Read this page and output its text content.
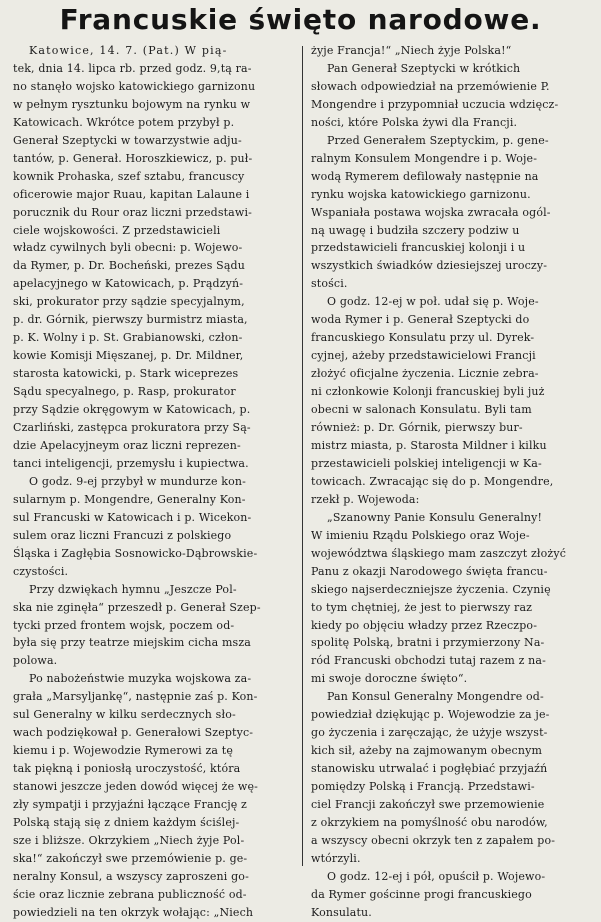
Francuskie święto narodowe.
Katowice, 14. 7. (Pat.) W pią-
tek, dnia 14. lipca rb. przed godz. 9,tą ra-
no stanęło wojsko katowickiego garnizonu
w pełnym rysztunku bojowym na rynku w
Katowicach. Wkrótce potem przybył p.
Generał Szeptycki w towarzystwie adju-
tantów, p. Generał. Horoszkiewicz, p. puł-
kownik Prohaska, szef sztabu, francuscy
oficerowie major Ruau, kapitan Lalaune i
porucznik du Rour oraz liczni przedstawi-
ciele wojskowości. Z przedstawicieli
władz cywilnych byli obecni: p. Wojewo-
da Rymer, p. Dr. Bocheński, prezes Sądu
apelacyjnego w Katowicach, p. Prądzyń-
ski, prokurator przy sądzie specyjalnym,
p. dr. Górnik, pierwszy burmistrz miasta,
p. K. Wolny i p. St. Grabianowski, człon-
kowie Komisji Mięszanej, p. Dr. Mildner,
starosta katowicki, p. Stark wiceprezes
Sądu specyalnego, p. Rasp, prokurator
przy Sądzie okręgowym w Katowicach, p.
Czarliński, zastępca prokuratora przy Są-
dzie Apelacyjneym oraz liczni reprezen-
tanci inteligencji, przemysłu i kupiectwa.
O godz. 9-ej przybył w mundurze kon-
sularnym p. Mongendre, Generalny Kon-
sul Francuski w Katowicach i p. Wicekon-
sulem oraz liczni Francuzi z polskiego
Śląska i Zagłębia Sosnowicko-Dąbrowskie-
czystości.
Przy dzwiękach hymnu „Jeszcze Pol-
ska nie zginęła“ przeszedł p. Generał Szep-
tycki przed frontem wojsk, poczem od-
była się przy teatrze miejskim cicha msza
polowa.
Po nabożeństwie muzyka wojskowa za-
grała „Marsyljankę“, następnie zaś p. Kon-
sul Generalny w kilku serdecznych sło-
wach podziękował p. Generałowi Szeptyc-
kiemu i p. Wojewodzie Rymerowi za tę
tak piękną i poniosłą uroczystość, która
stanowi jeszcze jeden dowód więcej że wę-
zły sympatji i przyjaźni łączące Francję z
Polską stają się z dniem każdym ściślej-
sze i bliższe. Okrzykiem „Niech żyje Pol-
ska!“ zakończył swe przemówienie p. ge-
neralny Konsul, a wszyscy zaproszeni go-
ście oraz licznie zebrana publiczność od-
powiedzieli na ten okrzyk wołając: „Niech
żyje Francja!“ „Niech żyje Polska!“
Pan Generał Szeptycki w krótkich
słowach odpowiedział na przemówienie P.
Mongendre i przypomniał uczucia wdzięcz-
ności, które Polska żywi dla Francji.
Przed Generałem Szeptyckim, p. gene-
ralnym Konsulem Mongendre i p. Woje-
wodą Rymerem defilowały następnie na
rynku wojska katowickiego garnizonu.
Wspaniała postawa wojska zwracała ogól-
ną uwagę i budziła szczery podziw u
przedstawicieli francuskiej kolonji i u
wszystkich świadków dziesiejszej uroczy-
stości.
O godz. 12-ej w poł. udał się p. Woje-
woda Rymer i p. Generał Szeptycki do
francuskiego Konsulatu przy ul. Dyrek-
cyjnej, ażeby przedstawicielowi Francji
złożyć oficjalne życzenia. Licznie zebra-
ni członkowie Kolonji francuskiej byli już
obecni w salonach Konsulatu. Byli tam
również: p. Dr. Górnik, pierwszy bur-
mistrz miasta, p. Starosta Mildner i kilku
przestawicieli polskiej inteligencji w Ka-
towicach. Zwracając się do p. Mongendre,
rzekł p. Wojewoda:
„Szanowny Panie Konsulu Generalny!
W imieniu Rządu Polskiego oraz Woje-
województwa śląskiego mam zaszczyt złożyć
Panu z okazji Narodowego święta francu-
skiego najserdeczniejsze życzenia. Czynię
to tym chętniej, że jest to pierwszy raz
kiedy po objęciu władzy przez Rzeczpo-
spolitę Polską, bratni i przymierzony Na-
ród Francuski obchodzi tutaj razem z na-
mi swoje doroczne święto“.
Pan Konsul Generalny Mongendre od-
powiedział dziękując p. Wojewodzie za je-
go życzenia i zaręczając, że użyje wszyst-
kich sił, ażeby na zajmowanym obecnym
stanowisku utrwalać i pogłębiać przyjaźń
pomiędzy Polską i Francją. Przedstawi-
ciel Francji zakończył swe przemowienie
z okrzykiem na pomyślność obu narodów,
a wszyscy obecni okrzyk ten z zapałem po-
wtórzyli.
O godz. 12-ej i pół, opuścił p. Wojewo-
da Rymer gościnne progi francuskiego
Konsulatu.
